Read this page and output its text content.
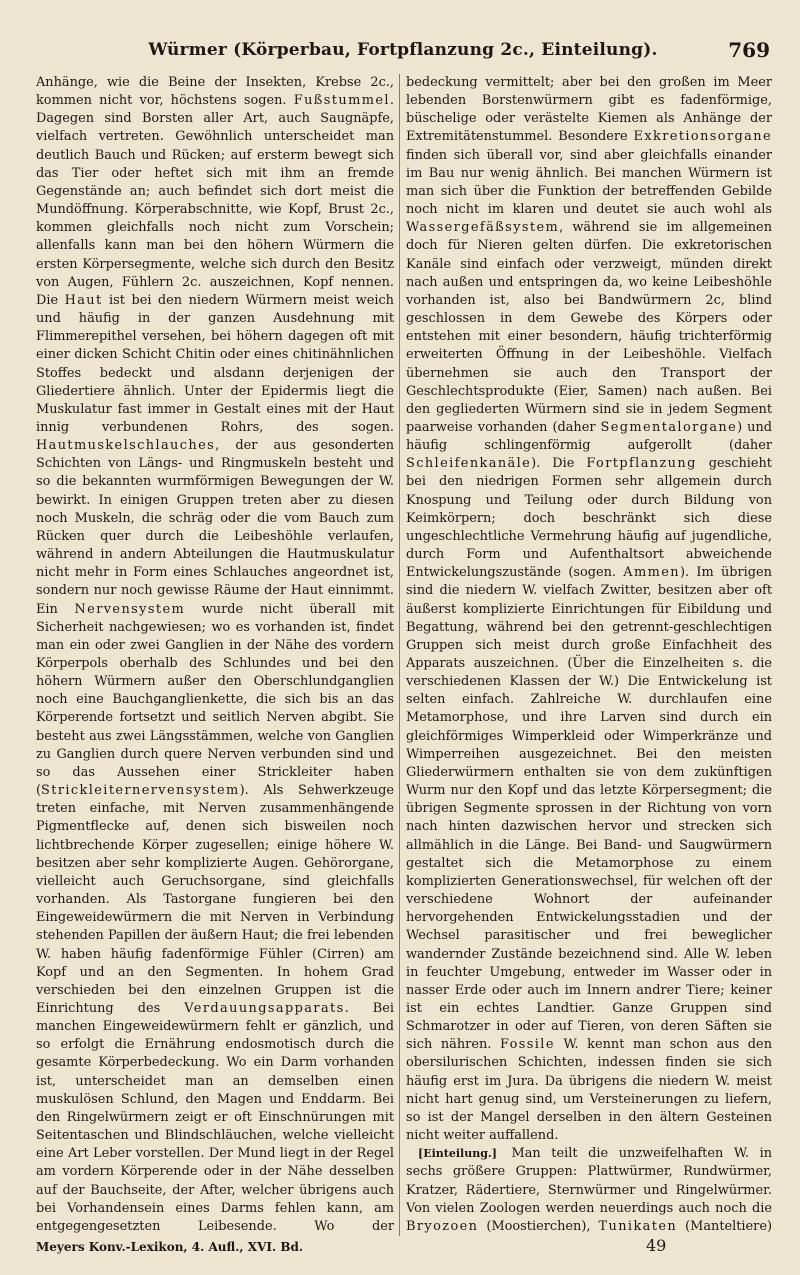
Würmer (Körperbau, Fortpflanzung 2c., Einteilung).	769

Anhänge, wie die Beine der Insekten, Krebse 2c., kommen nicht vor, höchstens sogen. Fußstummel. Dagegen sind Borsten aller Art, auch Saugnäpfe, vielfach vertreten. Gewöhnlich unterscheidet man deutlich Bauch und Rücken; auf ersterm bewegt sich das Tier oder heftet sich mit ihm an fremde Gegenstände an; auch befindet sich dort meist die Mundöffnung. Körperabschnitte, wie Kopf, Brust 2c., kommen gleichfalls noch nicht zum Vorschein; allenfalls kann man bei den höhern Würmern die ersten Körpersegmente, welche sich durch den Besitz von Augen, Fühlern 2c. auszeichnen, Kopf nennen. Die Haut ist bei den niedern Würmern meist weich und häufig in der ganzen Ausdehnung mit Flimmerepithel versehen, bei höhern dagegen oft mit einer dicken Schicht Chitin oder eines chitinähnlichen Stoffes bedeckt und alsdann derjenigen der Gliedertiere ähnlich. Unter der Epidermis liegt die Muskulatur fast immer in Gestalt eines mit der Haut innig verbundenen Rohrs, des sogen. Hautmuskelschlauches, der aus gesonderten Schichten von Längs- und Ringmuskeln besteht und so die bekannten wurmförmigen Bewegungen der W. bewirkt. In einigen Gruppen treten aber zu diesen noch Muskeln, die schräg oder die vom Bauch zum Rücken quer durch die Leibeshöhle verlaufen, während in andern Abteilungen die Hautmuskulatur nicht mehr in Form eines Schlauches angeordnet ist, sondern nur noch gewisse Räume der Haut einnimmt. Ein Nervensystem wurde nicht überall mit Sicherheit nachgewiesen; wo es vorhanden ist, findet man ein oder zwei Ganglien in der Nähe des vordern Körperpols oberhalb des Schlundes und bei den höhern Würmern außer den Oberschlundganglien noch eine Bauchganglienkette, die sich bis an das Körperende fortsetzt und seitlich Nerven abgibt. Sie besteht aus zwei Längsstämmen, welche von Ganglien zu Ganglien durch quere Nerven verbunden sind und so das Aussehen einer Strickleiter haben (Strickleiternervensystem). Als Sehwerkzeuge treten einfache, mit Nerven zusammenhängende Pigmentflecke auf, denen sich bisweilen noch lichtbrechende Körper zugesellen; einige höhere W. besitzen aber sehr komplizierte Augen. Gehörorgane, vielleicht auch Geruchsorgane, sind gleichfalls vorhanden. Als Tastorgane fungieren bei den Eingeweidewürmern die mit Nerven in Verbindung stehenden Papillen der äußern Haut; die frei lebenden W. haben häufig fadenförmige Fühler (Cirren) am Kopf und an den Segmenten. In hohem Grad verschieden bei den einzelnen Gruppen ist die Einrichtung des Verdauungsapparats. Bei manchen Eingeweidewürmern fehlt er gänzlich, und so erfolgt die Ernährung endosmotisch durch die gesamte Körperbedeckung. Wo ein Darm vorhanden ist, unterscheidet man an demselben einen muskulösen Schlund, den Magen und Enddarm. Bei den Ringelwürmern zeigt er oft Einschnürungen mit Seitentaschen und Blindschläuchen, welche vielleicht eine Art Leber vorstellen. Der Mund liegt in der Regel am vordern Körperende oder in der Nähe desselben auf der Bauchseite, der After, welcher übrigens auch bei Vorhandensein eines Darms fehlen kann, am entgegengesetzten Leibesende. Wo der

bedeckung vermittelt; aber bei den großen im Meer lebenden Borstenwürmern gibt es fadenförmige, büschelige oder verästelte Kiemen als Anhänge der Extremitätenstummel. Besondere Exkretionsorgane finden sich überall vor, sind aber gleichfalls einander im Bau nur wenig ähnlich. Bei manchen Würmern ist man sich über die Funktion der betreffenden Gebilde noch nicht im klaren und deutet sie auch wohl als Wassergefäßsystem, während sie im allgemeinen doch für Nieren gelten dürfen. Die exkretorischen Kanäle sind einfach oder verzweigt, münden direkt nach außen und entspringen da, wo keine Leibeshöhle vorhanden ist, also bei Bandwürmern 2c, blind geschlossen in dem Gewebe des Körpers oder entstehen mit einer besondern, häufig trichterförmig erweiterten Öffnung in der Leibeshöhle. Vielfach übernehmen sie auch den Transport der Geschlechtsprodukte (Eier, Samen) nach außen. Bei den gegliederten Würmern sind sie in jedem Segment paarweise vorhanden (daher Segmentalorgane) und häufig schlingenförmig aufgerollt (daher Schleifenkanäle). Die Fortpflanzung geschieht bei den niedrigen Formen sehr allgemein durch Knospung und Teilung oder durch Bildung von Keimkörpern; doch beschränkt sich diese ungeschlechtliche Vermehrung häufig auf jugendliche, durch Form und Aufenthaltsort abweichende Entwickelungszustände (sogen. Ammen). Im übrigen sind die niedern W. vielfach Zwitter, besitzen aber oft äußerst komplizierte Einrichtungen für Eibildung und Begattung, während bei den getrennt-geschlechtigen Gruppen sich meist durch große Einfachheit des Apparats auszeichnen. (Über die Einzelheiten s. die verschiedenen Klassen der W.) Die Entwickelung ist selten einfach. Zahlreiche W. durchlaufen eine Metamorphose, und ihre Larven sind durch ein gleichförmiges Wimperkleid oder Wimperkränze und Wimperreihen ausgezeichnet. Bei den meisten Gliederwürmern enthalten sie von dem zukünftigen Wurm nur den Kopf und das letzte Körpersegment; die übrigen Segmente sprossen in der Richtung von vorn nach hinten dazwischen hervor und strecken sich allmählich in die Länge. Bei Band- und Saugwürmern gestaltet sich die Metamorphose zu einem komplizierten Generationswechsel, für welchen oft der verschiedene Wohnort der aufeinander hervorgehenden Entwickelungsstadien und der Wechsel parasitischer und frei beweglicher wandernder Zustände bezeichnend sind. Alle W. leben in feuchter Umgebung, entweder im Wasser oder in nasser Erde oder auch im Innern andrer Tiere; keiner ist ein echtes Landtier. Ganze Gruppen sind Schmarotzer in oder auf Tieren, von deren Säften sie sich nähren. Fossile W. kennt man schon aus den obersilurischen Schichten, indessen finden sie sich häufig erst im Jura. Da übrigens die niedern W. meist nicht hart genug sind, um Versteinerungen zu liefern, so ist der Mangel derselben in den ältern Gesteinen nicht weiter auffallend.

[Einteilung.] Man teilt die unzweifelhaften W. in sechs größere Gruppen: Plattwürmer, Rundwürmer, Kratzer, Rädertiere, Sternwürmer und Ringelwürmer. Von vielen Zoologen werden neuerdings auch noch die Bryozoen (Moostierchen), Tunikaten (Manteltiere)

Meyers Konv.-Lexikon, 4. Aufl., XVI. Bd.	49
